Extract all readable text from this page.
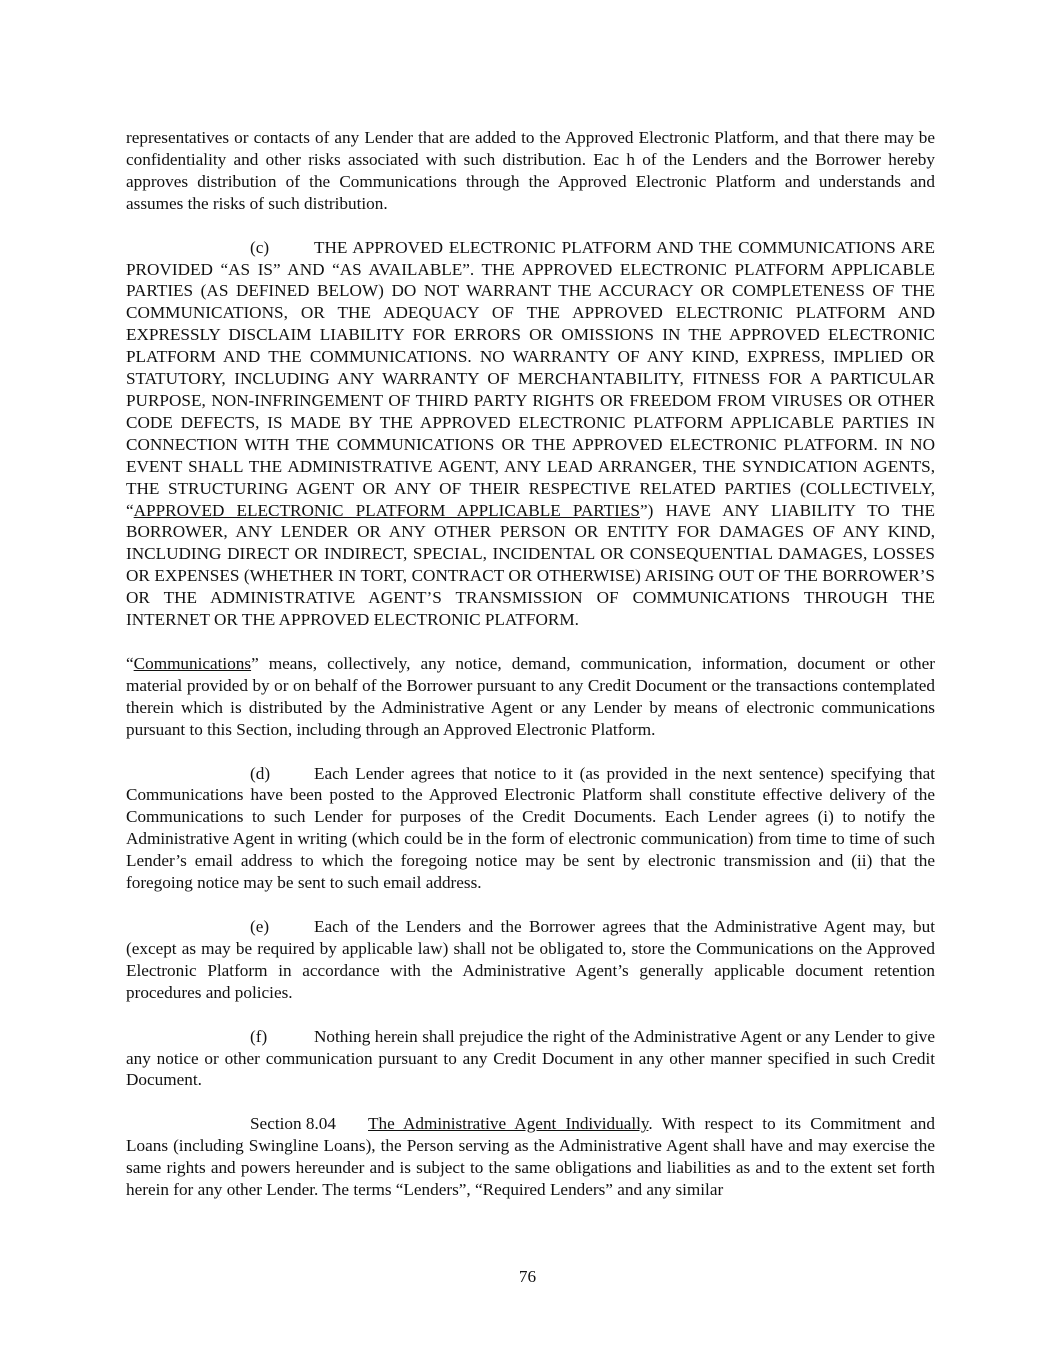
representatives or contacts of any Lender that are added to the Approved Electronic Platform, and that there may be confidentiality and other risks associated with such distribution. Eac h of the Lenders and the Borrower hereby approves distribution of the Communications through the Approved Electronic Platform and understands and assumes the risks of such distribution.

(c)	THE APPROVED ELECTRONIC PLATFORM AND THE COMMUNICATIONS ARE PROVIDED “AS IS” AND “AS AVAILABLE”. THE APPROVED ELECTRONIC PLATFORM APPLICABLE PARTIES (AS DEFINED BELOW) DO NOT WARRANT THE ACCURACY OR COMPLETENESS OF THE COMMUNICATIONS, OR THE ADEQUACY OF THE APPROVED ELECTRONIC PLATFORM AND EXPRESSLY DISCLAIM LIABILITY FOR ERRORS OR OMISSIONS IN THE APPROVED ELECTRONIC PLATFORM AND THE COMMUNICATIONS. NO WARRANTY OF ANY KIND, EXPRESS, IMPLIED OR STATUTORY, INCLUDING ANY WARRANTY OF MERCHANTABILITY, FITNESS FOR A PARTICULAR PURPOSE, NON-INFRINGEMENT OF THIRD PARTY RIGHTS OR FREEDOM FROM VIRUSES OR OTHER CODE DEFECTS, IS MADE BY THE APPROVED ELECTRONIC PLATFORM APPLICABLE PARTIES IN CONNECTION WITH THE COMMUNICATIONS OR THE APPROVED ELECTRONIC PLATFORM. IN NO EVENT SHALL THE ADMINISTRATIVE AGENT, ANY LEAD ARRANGER, THE SYNDICATION AGENTS, THE STRUCTURING AGENT OR ANY OF THEIR RESPECTIVE RELATED PARTIES (COLLECTIVELY, “APPROVED ELECTRONIC PLATFORM APPLICABLE PARTIES”) HAVE ANY LIABILITY TO THE BORROWER, ANY LENDER OR ANY OTHER PERSON OR ENTITY FOR DAMAGES OF ANY KIND, INCLUDING DIRECT OR INDIRECT, SPECIAL, INCIDENTAL OR CONSEQUENTIAL DAMAGES, LOSSES OR EXPENSES (WHETHER IN TORT, CONTRACT OR OTHERWISE) ARISING OUT OF THE BORROWER’S OR THE ADMINISTRATIVE AGENT’S TRANSMISSION OF COMMUNICATIONS THROUGH THE INTERNET OR THE APPROVED ELECTRONIC PLATFORM.

“Communications” means, collectively, any notice, demand, communication, information, document or other material provided by or on behalf of the Borrower pursuant to any Credit Document or the transactions contemplated therein which is distributed by the Administrative Agent or any Lender by means of electronic communications pursuant to this Section, including through an Approved Electronic Platform.

(d)	Each Lender agrees that notice to it (as provided in the next sentence) specifying that Communications have been posted to the Approved Electronic Platform shall constitute effective delivery of the Communications to such Lender for purposes of the Credit Documents. Each Lender agrees (i) to notify the Administrative Agent in writing (which could be in the form of electronic communication) from time to time of such Lender’s email address to which the foregoing notice may be sent by electronic transmission and (ii) that the foregoing notice may be sent to such email address.

(e)	Each of the Lenders and the Borrower agrees that the Administrative Agent may, but (except as may be required by applicable law) shall not be obligated to, store the Communications on the Approved Electronic Platform in accordance with the Administrative Agent’s generally applicable document retention procedures and policies.

(f)	Nothing herein shall prejudice the right of the Administrative Agent or any Lender to give any notice or other communication pursuant to any Credit Document in any other manner specified in such Credit Document.

Section 8.04 The Administrative Agent Individually. With respect to its Commitment and Loans (including Swingline Loans), the Person serving as the Administrative Agent shall have and may exercise the same rights and powers hereunder and is subject to the same obligations and liabilities as and to the extent set forth herein for any other Lender. The terms “Lenders”, “Required Lenders” and any similar

76
